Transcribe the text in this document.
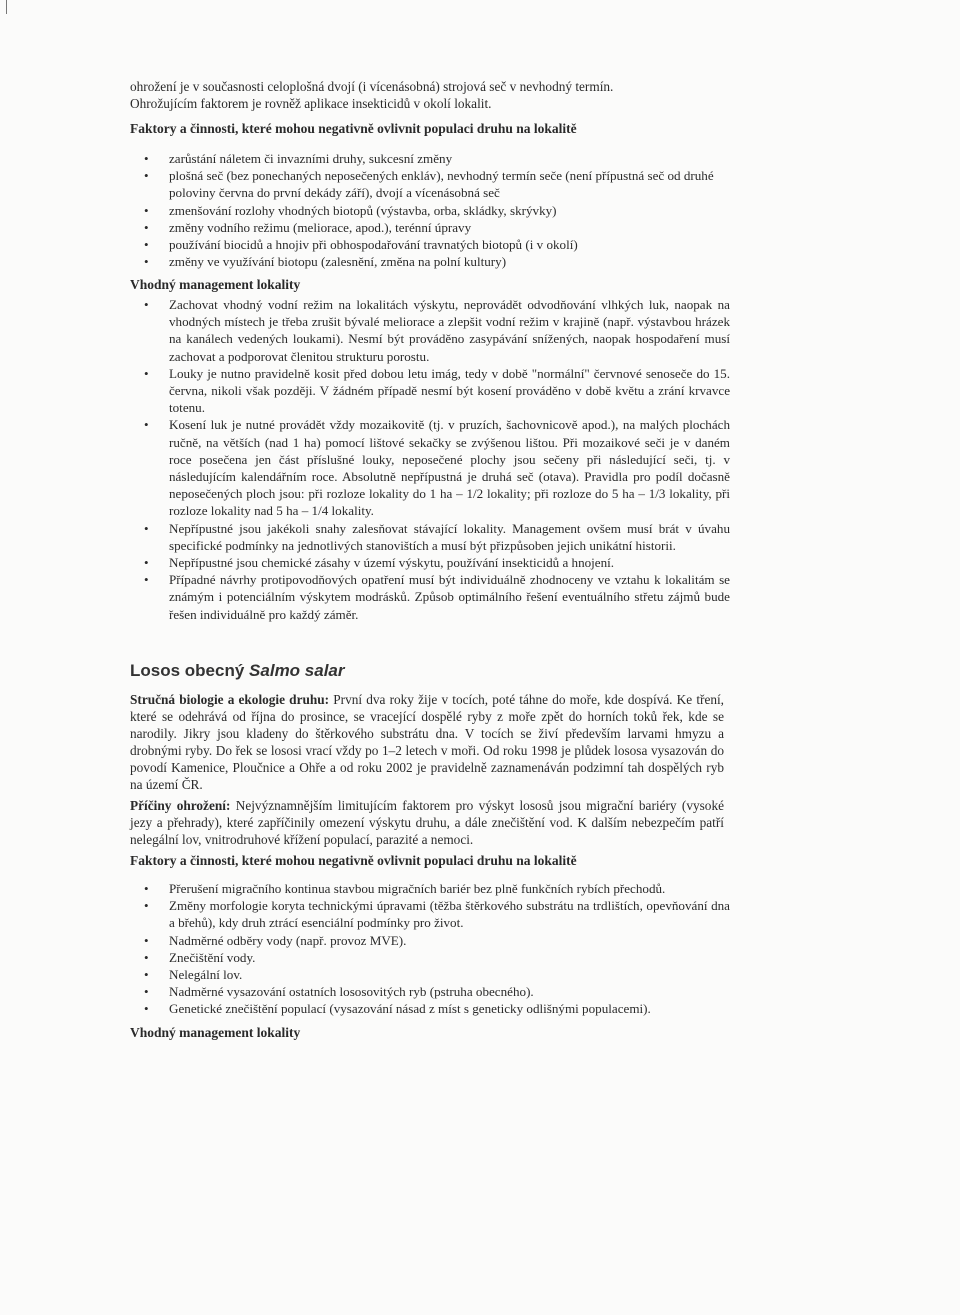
ohrožení je v současnosti celoplošná dvojí (i vícenásobná) strojová seč v nevhodný termín.
Ohrožujícím faktorem je rovněž aplikace insekticidů v okolí lokalit.
Faktory a činnosti, které mohou negativně ovlivnit populaci druhu na lokalitě
• zarůstání náletem či invazními druhy, sukcesní změny
• plošná seč (bez ponechaných neposečených enkláv), nevhodný termín seče (není přípustná seč od druhé poloviny června do první dekády září), dvojí a vícenásobná seč
• zmenšování rozlohy vhodných biotopů (výstavba, orba, skládky, skrývky)
• změny vodního režimu (meliorace, apod.), terénní úpravy
• používání biocidů a hnojiv při obhospodařování travnatých biotopů (i v okolí)
• změny ve využívání biotopu (zalesnění, změna na polní kultury)
Vhodný management lokality
• Zachovat vhodný vodní režim na lokalitách výskytu, neprovádět odvodňování vlhkých luk, naopak na vhodných místech je třeba zrušit bývalé meliorace a zlepšit vodní režim v krajině (např. výstavbou hrázek na kanálech vedených loukami). Nesmí být prováděno zasypávání snížených, naopak hospodaření musí zachovat a podporovat členitou strukturu porostu.
• Louky je nutno pravidelně kosit před dobou letu imág, tedy v době "normální" červnové senoseče do 15. června, nikoli však později. V žádném případě nesmí být kosení prováděno v době květu a zrání krvavce totenu.
• Kosení luk je nutné provádět vždy mozaikovitě (tj. v pruzích, šachovnicově apod.), na malých plochách ručně, na větších (nad 1 ha) pomocí lištové sekačky se zvýšenou lištou. Při mozaikové seči je v daném roce posečena jen část příslušné louky, neposečené plochy jsou sečeny při následující seči, tj. v následujícím kalendářním roce. Absolutně nepřípustná je druhá seč (otava). Pravidla pro podíl dočasně neposečených ploch jsou: při rozloze lokality do 1 ha – 1/2 lokality; při rozloze do 5 ha – 1/3 lokality, při rozloze lokality nad 5 ha – 1/4 lokality.
• Nepřípustné jsou jakékoli snahy zalesňovat stávající lokality. Management ovšem musí brát v úvahu specifické podmínky na jednotlivých stanovištích a musí být přizpůsoben jejich unikátní historii.
• Nepřípustné jsou chemické zásahy v území výskytu, používání insekticidů a hnojení.
• Případné návrhy protipovodňových opatření musí být individuálně zhodnoceny ve vztahu k lokalitám se známým i potenciálním výskytem modrásků. Způsob optimálního řešení eventuálního střetu zájmů bude řešen individuálně pro každý záměr.
Losos obecný Salmo salar
Stručná biologie a ekologie druhu: První dva roky žije v tocích, poté táhne do moře, kde dospívá. Ke tření, které se odehrává od října do prosince, se vracející dospělé ryby z moře zpět do horních toků řek, kde se narodily. Jikry jsou kladeny do štěrkového substrátu dna. V tocích se živí především larvami hmyzu a drobnými ryby. Do řek se lososi vrací vždy po 1–2 letech v moři. Od roku 1998 je plůdek lososa vysazován do povodí Kamenice, Ploučnice a Ohře a od roku 2002 je pravidelně zaznamenáván podzimní tah dospělých ryb na území ČR.
Příčiny ohrožení: Nejvýznamnějším limitujícím faktorem pro výskyt lososů jsou migrační bariéry (vysoké jezy a přehrady), které zapříčinily omezení výskytu druhu, a dále znečištění vod. K dalším nebezpečím patří nelegální lov, vnitrodruhové křížení populací, parazité a nemoci.
Faktory a činnosti, které mohou negativně ovlivnit populaci druhu na lokalitě
• Přerušení migračního kontinua stavbou migračních bariér bez plně funkčních rybích přechodů.
• Změny morfologie koryta technickými úpravami (těžba štěrkového substrátu na trdlištích, opevňování dna a břehů), kdy druh ztrácí esenciální podmínky pro život.
• Nadměrné odběry vody (např. provoz MVE).
• Znečištění vody.
• Nelegální lov.
• Nadměrné vysazování ostatních lososovitých ryb (pstruha obecného).
• Genetické znečištění populací (vysazování násad z míst s geneticky odlišnými populacemi).
Vhodný management lokality
